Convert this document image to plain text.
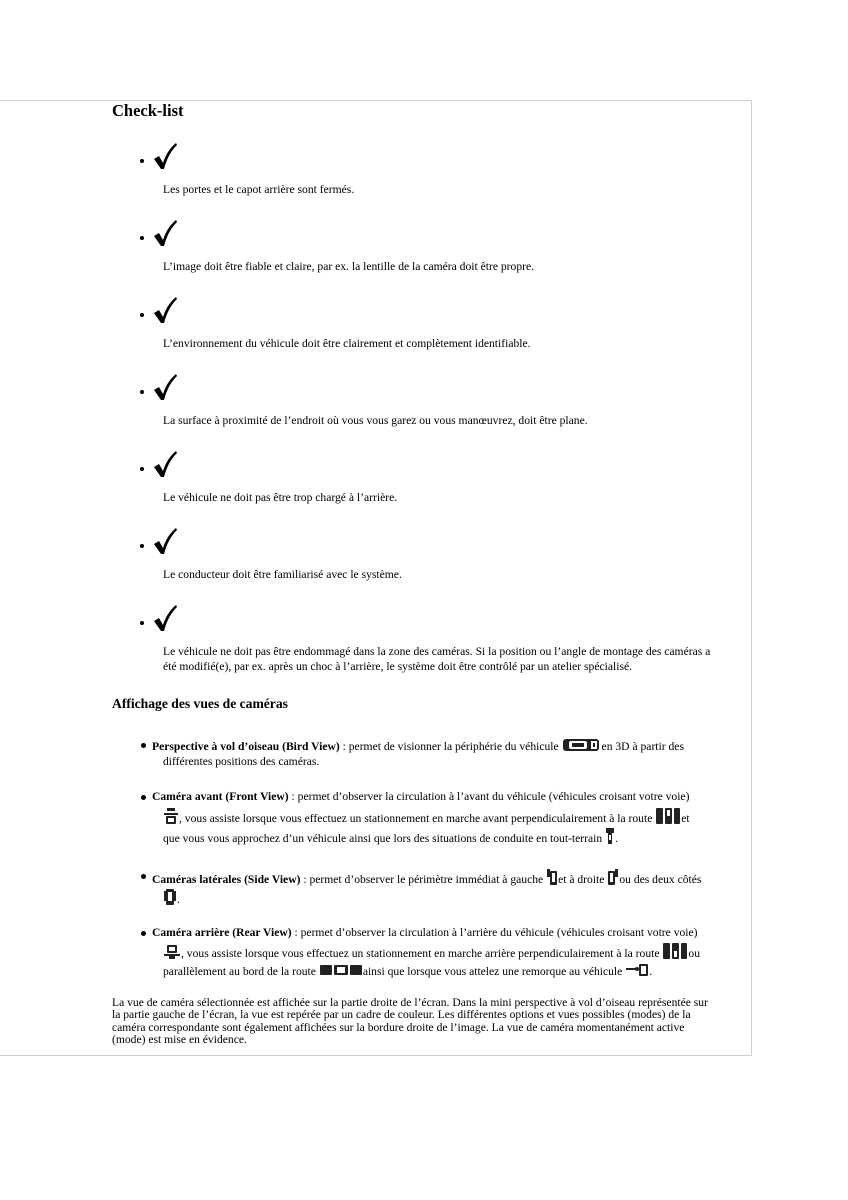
Check-list
Les portes et le capot arrière sont fermés.
L’image doit être fiable et claire, par ex. la lentille de la caméra doit être propre.
L’environnement du véhicule doit être clairement et complètement identifiable.
La surface à proximité de l’endroit où vous vous garez ou vous manœuvrez, doit être plane.
Le véhicule ne doit pas être trop chargé à l’arrière.
Le conducteur doit être familiarisé avec le système.
Le véhicule ne doit pas être endommagé dans la zone des caméras. Si la position ou l’angle de montage des caméras a
été modifié(e), par ex. après un choc à l’arrière, le système doit être contrôlé par un atelier spécialisé.
Affichage des vues de caméras
Perspective à vol d’oiseau (Bird View) : permet de visionner la périphérie du véhicule	en 3D à partir des
différentes positions des caméras.
Caméra avant (Front View) : permet d’observer la circulation à l’avant du véhicule (véhicules croisant votre voie)
, vous assiste lorsque vous effectuez un stationnement en marche avant perpendiculairement à la route
et
que vous vous approchez d’un véhicule ainsi que lors des situations de conduite en tout-terrain
.
Caméras latérales (Side View) : permet d’observer le périmètre immédiat à gauche
et à droite
ou des deux côtés
.
Caméra arrière (Rear View) : permet d’observer la circulation à l’arrière du véhicule (véhicules croisant votre voie)
, vous assiste lorsque vous effectuez un stationnement en marche arrière perpendiculairement à la route
ou
parallèlement au bord de la route	ainsi que lorsque vous attelez une remorque au véhicule
.
La vue de caméra sélectionnée est affichée sur la partie droite de l’écran. Dans la mini perspective à vol d’oiseau représentée sur
la partie gauche de l’écran, la vue est repérée par un cadre de couleur. Les différentes options et vues possibles (modes) de la
caméra correspondante sont également affichées sur la bordure droite de l’image. La vue de caméra momentanément active
(mode) est mise en évidence.
